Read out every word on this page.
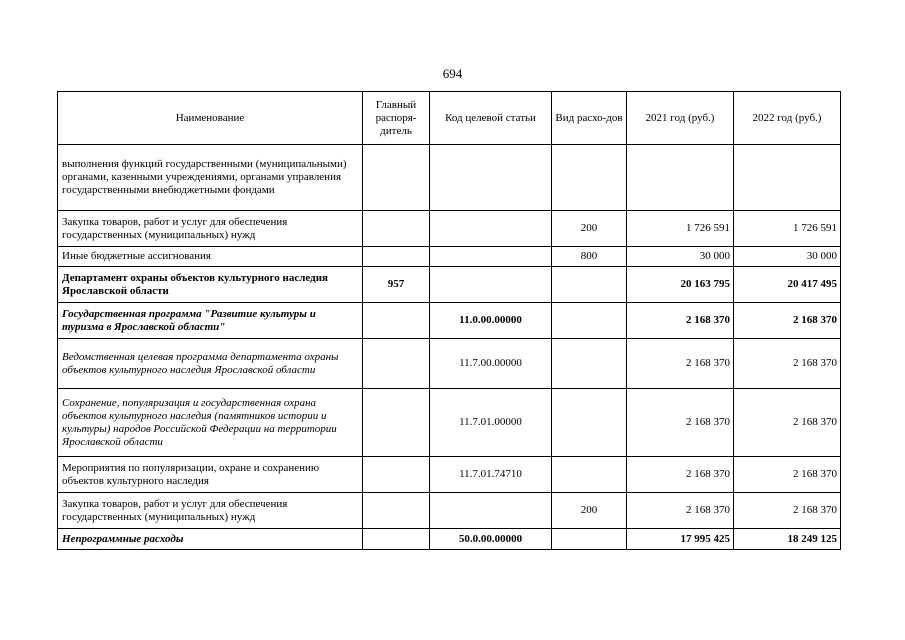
694
Наименование	Главный распоря-дитель	Код целевой статьи	Вид расхо-дов	2021 год (руб.)	2022 год (руб.)
выполнения функций государственными (муниципальными) органами, казенными учреждениями, органами управления государственными внебюджетными фондами					
Закупка товаров, работ и услуг для обеспечения государственных (муниципальных) нужд			200	1 726 591	1 726 591
Иные бюджетные ассигнования			800	30 000	30 000
Департамент охраны объектов культурного наследия Ярославской области	957			20 163 795	20 417 495
Государственная программа "Развитие культуры и туризма в Ярославской области"		11.0.00.00000		2 168 370	2 168 370
Ведомственная целевая программа департамента охраны объектов культурного наследия Ярославской области		11.7.00.00000		2 168 370	2 168 370
Сохранение, популяризация и государственная охрана объектов культурного наследия (памятников истории и культуры) народов Российской Федерации на территории Ярославской области		11.7.01.00000		2 168 370	2 168 370
Мероприятия по популяризации, охране и сохранению объектов культурного наследия		11.7.01.74710		2 168 370	2 168 370
Закупка товаров, работ и услуг для обеспечения государственных (муниципальных) нужд			200	2 168 370	2 168 370
Непрограммные расходы		50.0.00.00000		17 995 425	18 249 125
